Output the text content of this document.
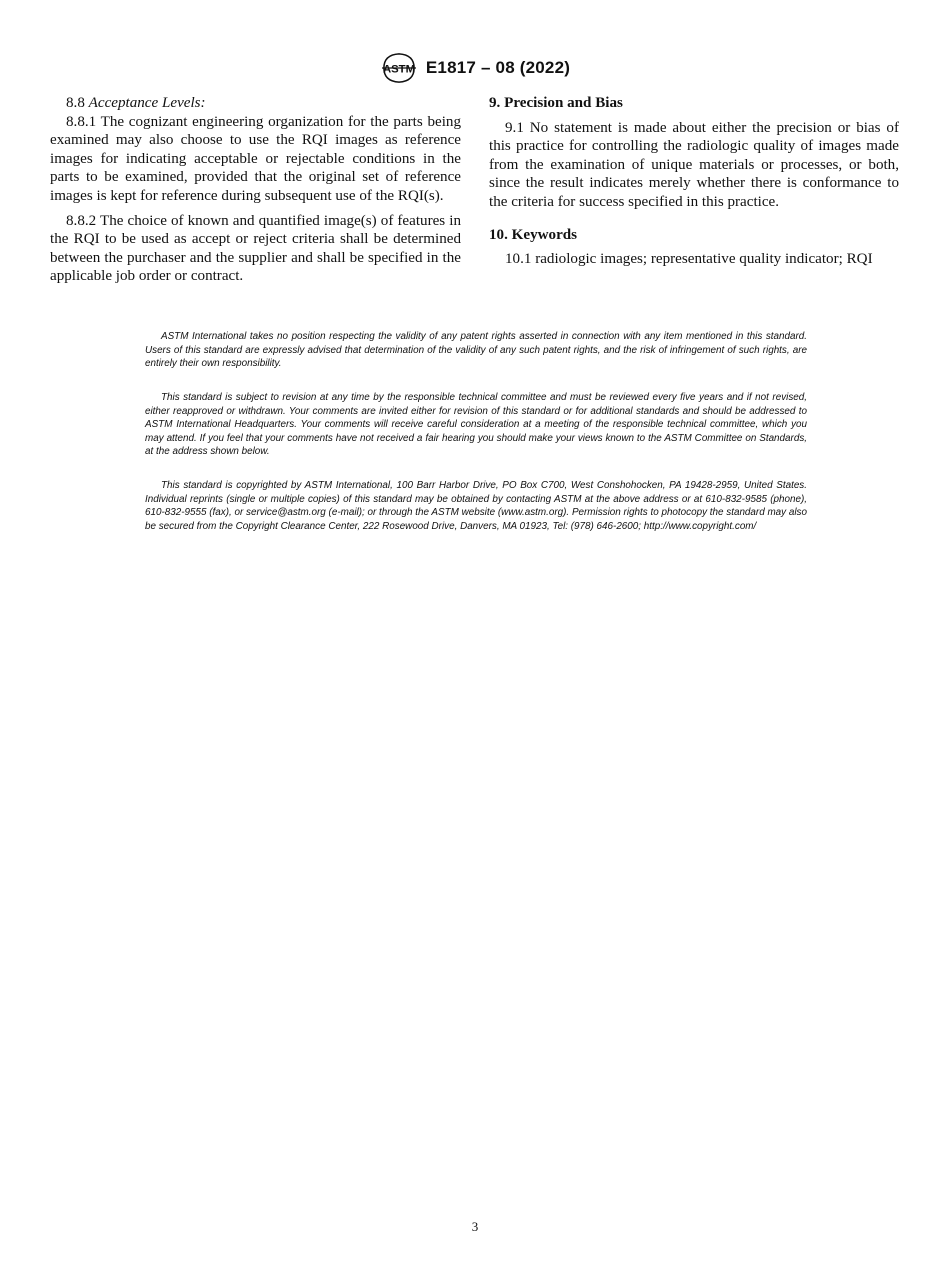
ASTM E1817 – 08 (2022)

8.8 Acceptance Levels:

8.8.1 The cognizant engineering organization for the parts being examined may also choose to use the RQI images as reference images for indicating acceptable or rejectable conditions in the parts to be examined, provided that the original set of reference images is kept for reference during subsequent use of the RQI(s).

8.8.2 The choice of known and quantified image(s) of features in the RQI to be used as accept or reject criteria shall be determined between the purchaser and the supplier and shall be specified in the applicable job order or contract.

9. Precision and Bias

9.1 No statement is made about either the precision or bias of this practice for controlling the radiologic quality of images made from the examination of unique materials or processes, or both, since the result indicates merely whether there is conformance to the criteria for success specified in this practice.

10. Keywords

10.1 radiologic images; representative quality indicator; RQI

ASTM International takes no position respecting the validity of any patent rights asserted in connection with any item mentioned in this standard. Users of this standard are expressly advised that determination of the validity of any such patent rights, and the risk of infringement of such rights, are entirely their own responsibility.

This standard is subject to revision at any time by the responsible technical committee and must be reviewed every five years and if not revised, either reapproved or withdrawn. Your comments are invited either for revision of this standard or for additional standards and should be addressed to ASTM International Headquarters. Your comments will receive careful consideration at a meeting of the responsible technical committee, which you may attend. If you feel that your comments have not received a fair hearing you should make your views known to the ASTM Committee on Standards, at the address shown below.

This standard is copyrighted by ASTM International, 100 Barr Harbor Drive, PO Box C700, West Conshohocken, PA 19428-2959, United States. Individual reprints (single or multiple copies) of this standard may be obtained by contacting ASTM at the above address or at 610-832-9585 (phone), 610-832-9555 (fax), or service@astm.org (e-mail); or through the ASTM website (www.astm.org). Permission rights to photocopy the standard may also be secured from the Copyright Clearance Center, 222 Rosewood Drive, Danvers, MA 01923, Tel: (978) 646-2600; http://www.copyright.com/

3
